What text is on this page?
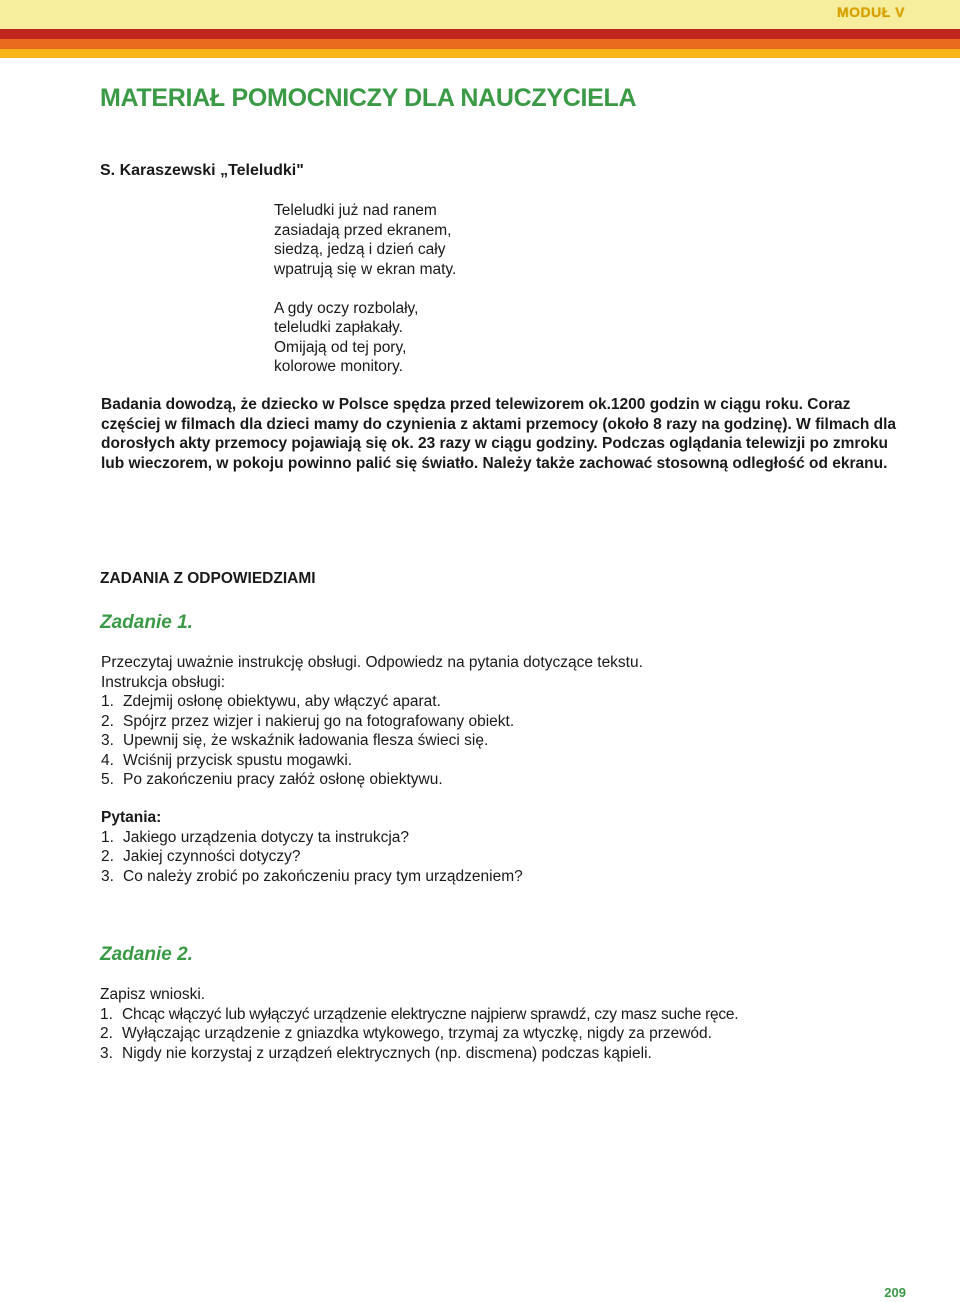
MODUŁ V
MATERIAŁ POMOCNICZY DLA NAUCZYCIELA

S. Karaszewski „Teleludki"

Teleludki już nad ranem
zasiadają przed ekranem,
siedzą, jedzą i dzień cały
wpatrują się w ekran maty.

A gdy oczy rozbolały,
teleludki zapłakały.
Omijają od tej pory,
kolorowe monitory.

Badania dowodzą, że dziecko w Polsce spędza przed telewizorem ok.1200 godzin w ciągu roku. Coraz częściej w filmach dla dzieci mamy do czynienia z aktami przemocy (około 8 razy na godzinę). W filmach dla dorosłych akty przemocy pojawiają się ok. 23 razy w ciągu godziny. Podczas oglądania telewizji po zmroku lub wieczorem, w pokoju powinno palić się światło. Należy także zachować stosowną odległość od ekranu.

ZADANIA Z ODPOWIEDZIAMI
Zadanie 1.
Przeczytaj uważnie instrukcję obsługi. Odpowiedz na pytania dotyczące tekstu.
Instrukcja obsługi:
1. Zdejmij osłonę obiektywu, aby włączyć aparat.
2. Spójrz przez wizjer i nakieruj go na fotografowany obiekt.
3. Upewnij się, że wskaźnik ładowania flesza świeci się.
4. Wciśnij przycisk spustu mogawki.
5. Po zakończeniu pracy załóż osłonę obiektywu.
Pytania:
1. Jakiego urządzenia dotyczy ta instrukcja?
2. Jakiej czynności dotyczy?
3. Co należy zrobić po zakończeniu pracy tym urządzeniem?
Zadanie 2.
Zapisz wnioski.
1. Chcąc włączyć lub wyłączyć urządzenie elektryczne najpierw sprawdź, czy masz suche ręce.
2. Wyłączając urządzenie z gniazdka wtykowego, trzymaj za wtyczkę, nigdy za przewód.
3. Nigdy nie korzystaj z urządzeń elektrycznych (np. discmena) podczas kąpieli.
209
